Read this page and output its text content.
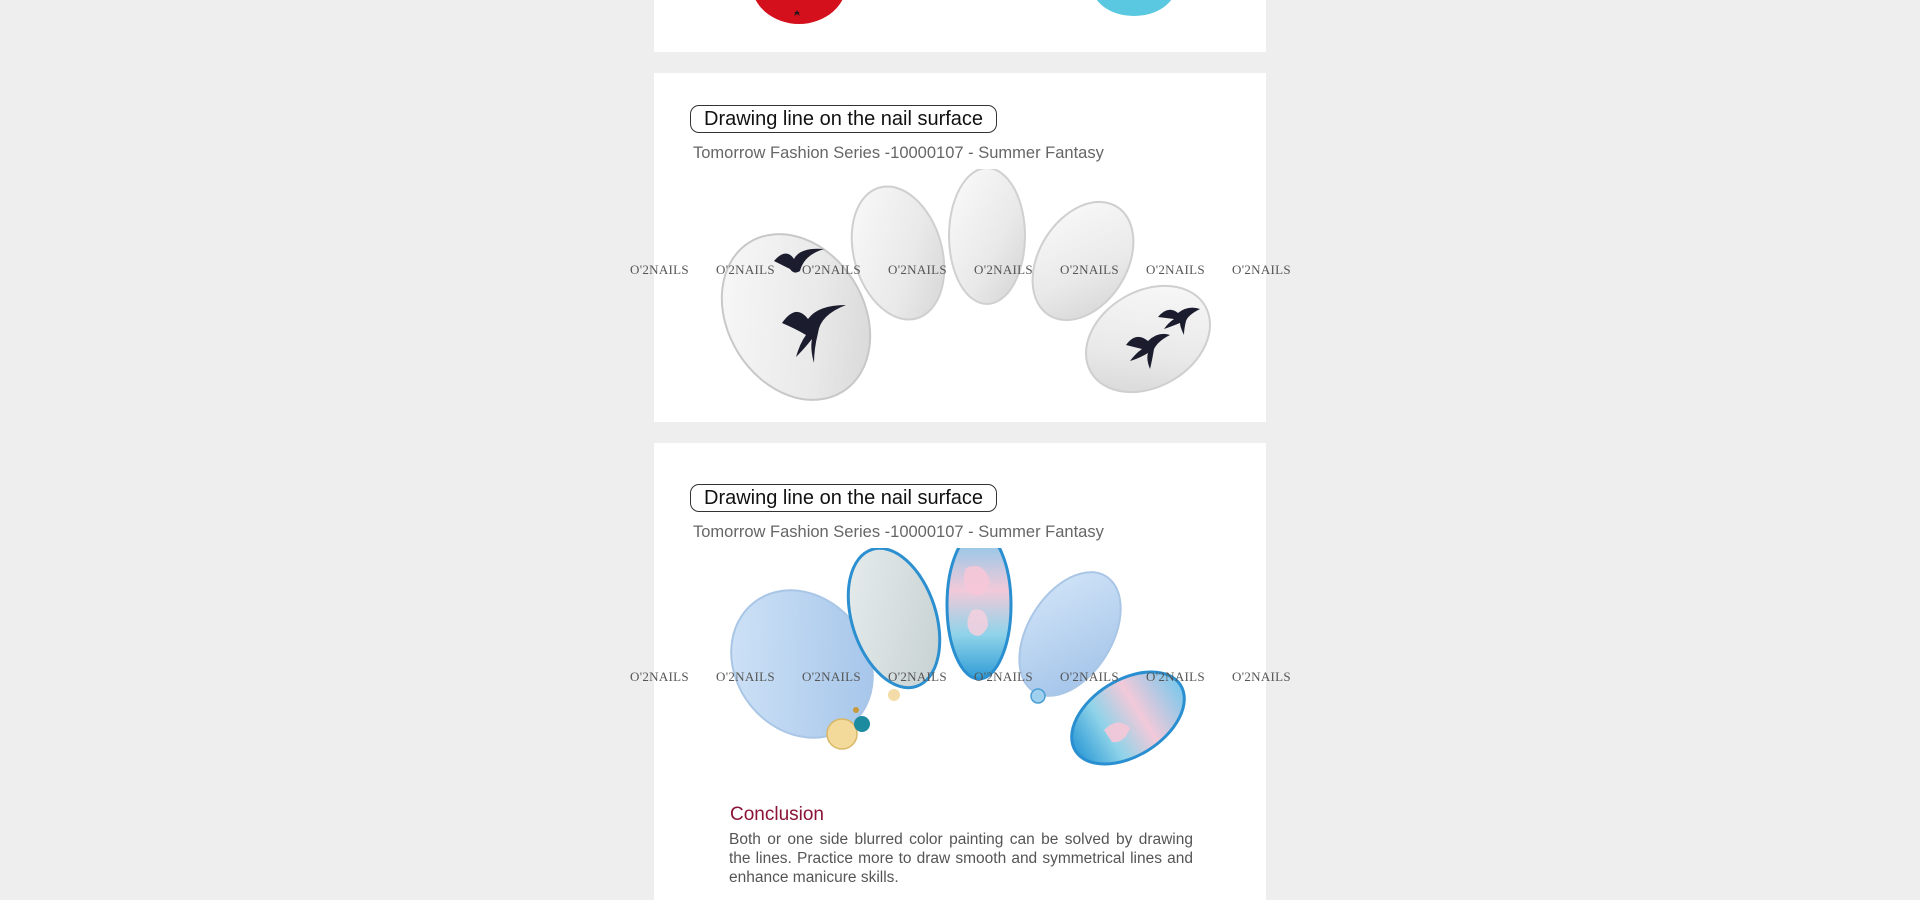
Drawing line on the nail surface
Tomorrow Fashion Series -10000107 - Summer Fantasy
O'2NAILS O'2NAILS O'2NAILS O'2NAILS O'2NAILS O'2NAILS O'2NAILS O'2NAILS
Drawing line on the nail surface
Tomorrow Fashion Series -10000107 - Summer Fantasy
O'2NAILS O'2NAILS O'2NAILS O'2NAILS O'2NAILS O'2NAILS O'2NAILS O'2NAILS
Conclusion
Both or one side blurred color painting can be solved by drawing the lines. Practice more to draw smooth and symmetrical lines and enhance manicure skills.
